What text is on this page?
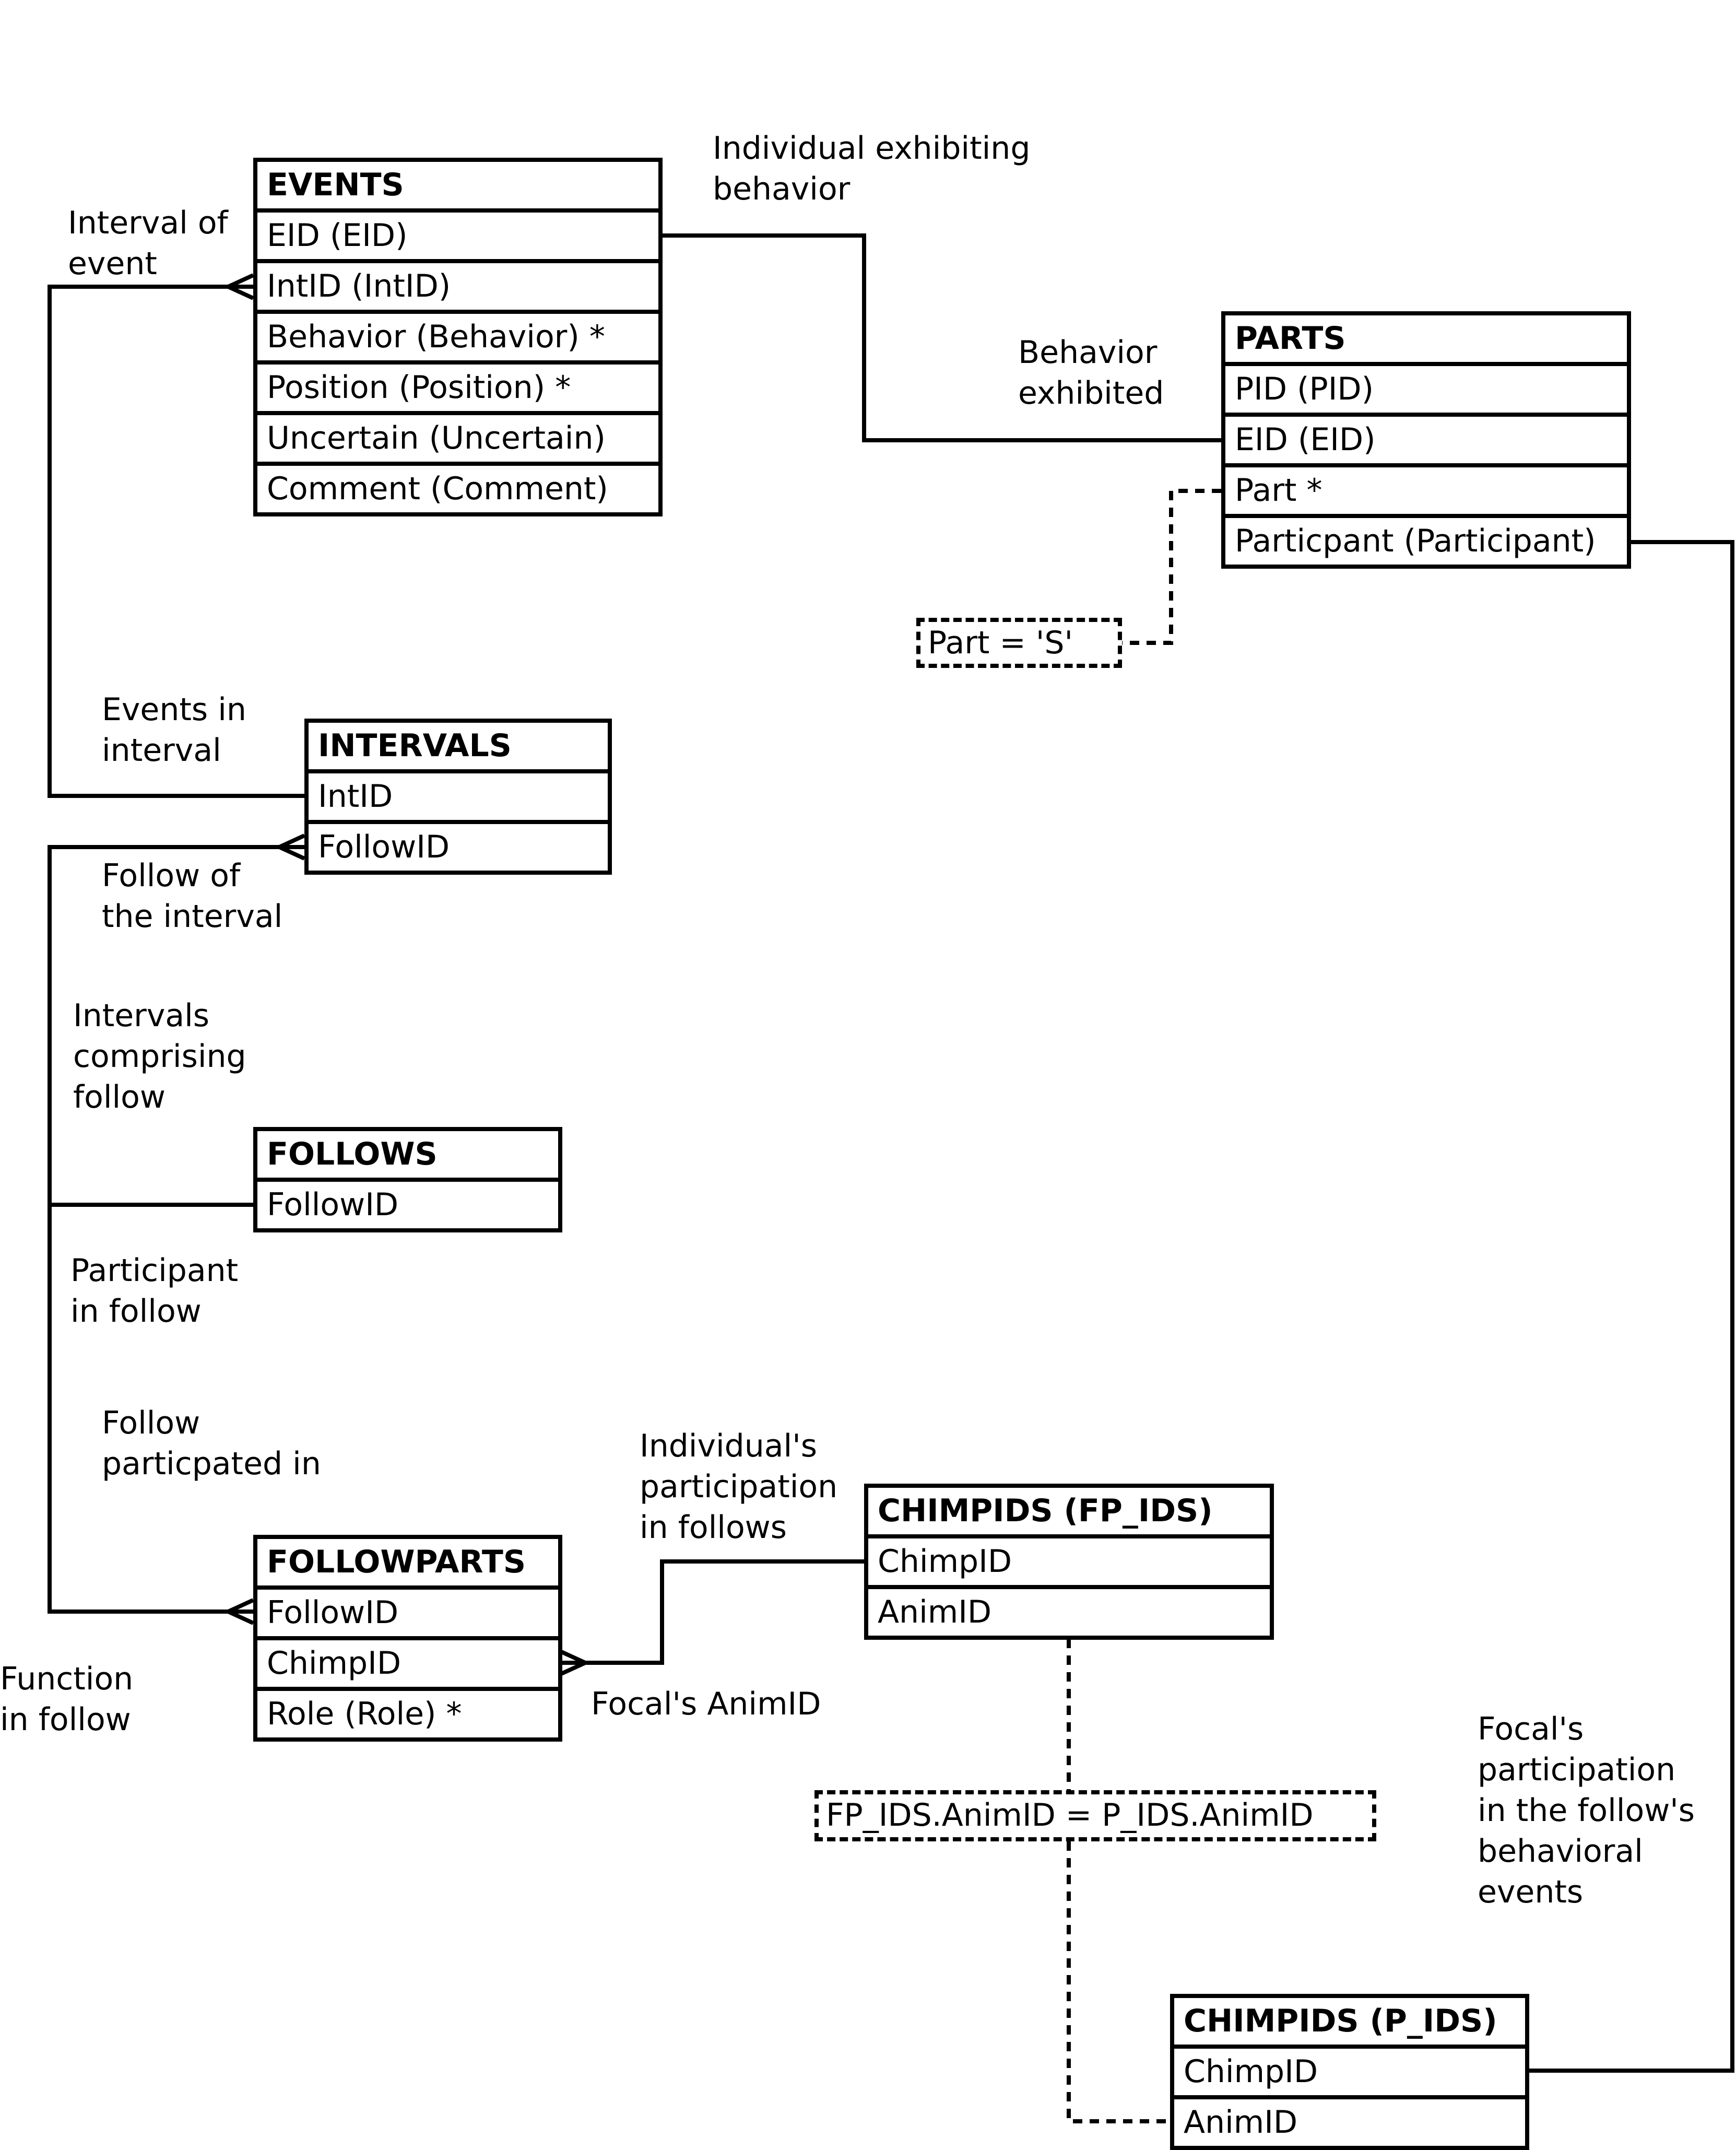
EVENTS
EID (EID)
IntID (IntID)
Behavior (Behavior) *
Position (Position) *
Uncertain (Uncertain)
Comment (Comment)
PARTS
PID (PID)
EID (EID)
Part *
Particpant (Participant)
INTERVALS
IntID
FollowID
FOLLOWS
FollowID
FOLLOWPARTS
FollowID
ChimpID
Role (Role) *
CHIMPIDS (FP_IDS)
ChimpID
AnimID
CHIMPIDS (P_IDS)
ChimpID
AnimID
Part = 'S'
FP_IDS.AnimID = P_IDS.AnimID
Individual exhibiting
behavior
Behavior
exhibited
Interval of
event
Events in
interval
Follow of
the interval
Intervals
comprising
follow
Participant
in follow
Follow
particpated in
Function
in follow
Individual's
participation
in follows
Focal's AnimID
Focal's
participation
in the follow's
behavioral
events
